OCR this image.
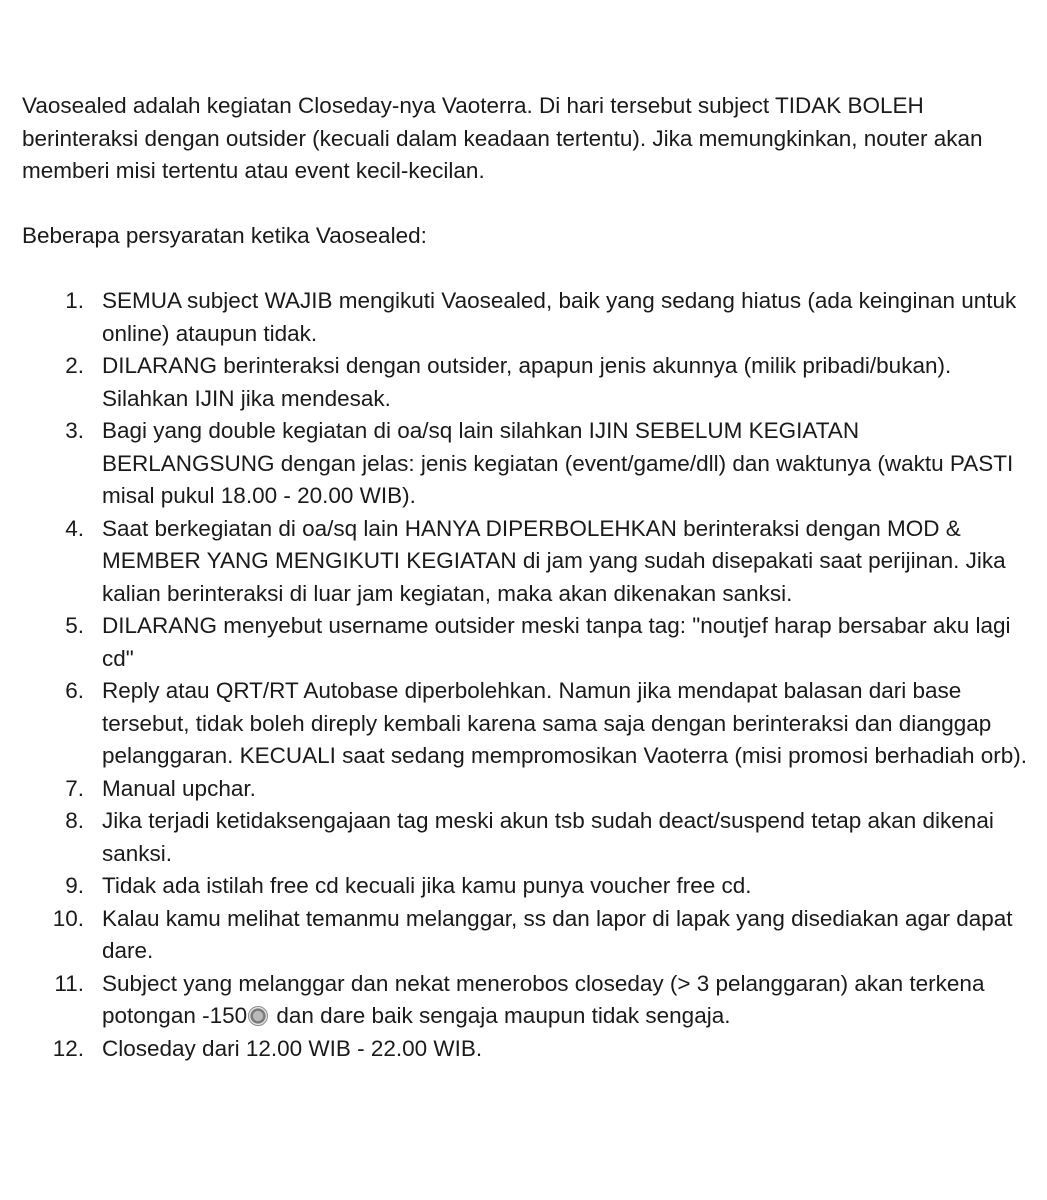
Vaosealed adalah kegiatan Closeday-nya Vaoterra. Di hari tersebut subject TIDAK BOLEH berinteraksi dengan outsider (kecuali dalam keadaan tertentu). Jika memungkinkan, nouter akan memberi misi tertentu atau event kecil-kecilan.

Beberapa persyaratan ketika Vaosealed:

1. SEMUA subject WAJIB mengikuti Vaosealed, baik yang sedang hiatus (ada keinginan untuk online) ataupun tidak.
2. DILARANG berinteraksi dengan outsider, apapun jenis akunnya (milik pribadi/bukan). Silahkan IJIN jika mendesak.
3. Bagi yang double kegiatan di oa/sq lain silahkan IJIN SEBELUM KEGIATAN BERLANGSUNG dengan jelas: jenis kegiatan (event/game/dll) dan waktunya (waktu PASTI misal pukul 18.00 - 20.00 WIB).
4. Saat berkegiatan di oa/sq lain HANYA DIPERBOLEHKAN berinteraksi dengan MOD & MEMBER YANG MENGIKUTI KEGIATAN di jam yang sudah disepakati saat perijinan. Jika kalian berinteraksi di luar jam kegiatan, maka akan dikenakan sanksi.
5. DILARANG menyebut username outsider meski tanpa tag: "noutjef harap bersabar aku lagi cd"
6. Reply atau QRT/RT Autobase diperbolehkan. Namun jika mendapat balasan dari base tersebut, tidak boleh direply kembali karena sama saja dengan berinteraksi dan dianggap pelanggaran. KECUALI saat sedang mempromosikan Vaoterra (misi promosi berhadiah orb).
7. Manual upchar.
8. Jika terjadi ketidaksengajaan tag meski akun tsb sudah deact/suspend tetap akan dikenai sanksi.
9. Tidak ada istilah free cd kecuali jika kamu punya voucher free cd.
10. Kalau kamu melihat temanmu melanggar, ss dan lapor di lapak yang disediakan agar dapat dare.
11. Subject yang melanggar dan nekat menerobos closeday (> 3 pelanggaran) akan terkena potongan -150 dan dare baik sengaja maupun tidak sengaja.
12. Closeday dari 12.00 WIB - 22.00 WIB.
